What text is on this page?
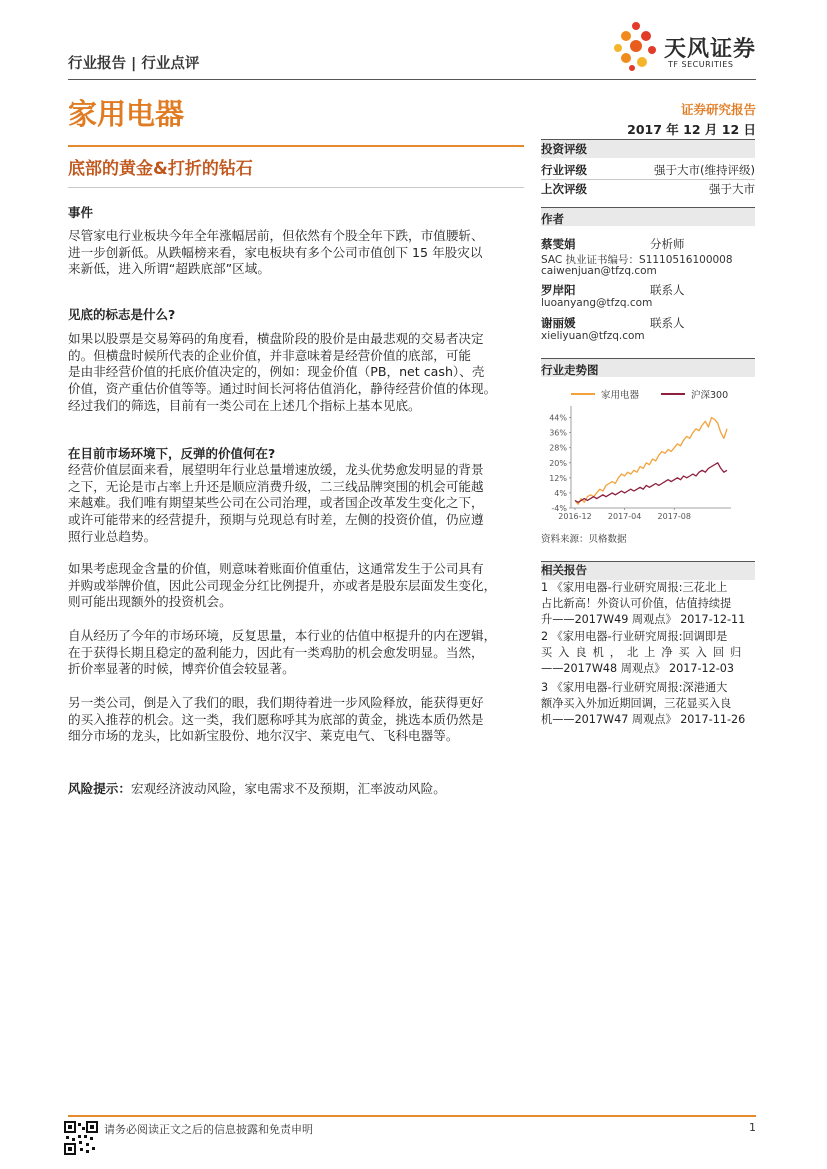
行业报告 | 行业点评
天风证券
TF SECURITIES
家用电器	证券研究报告
2017 年 12 月 12 日
底部的黄金&打折的钻石
投资评级
行业评级	强于大市(维持评级)
上次评级	强于大市
作者
蔡雯娟	分析师
SAC 执业证书编号：S1110516100008
caiwenjuan@tfzq.com
罗岸阳	联系人
luoanyang@tfzq.com
谢丽媛	联系人
xieliyuan@tfzq.com
行业走势图
家用电器	沪深300
-4%
4%
12%
20%
28%
36%
44%
2016-12 2017-04 2017-08
资料来源：贝格数据
相关报告
1 《家用电器-行业研究周报:三花北上
占比新高！外资认可价值，估值持续提
升——2017W49 周观点》 2017-12-11
2 《家用电器-行业研究周报:回调即是
买入良机，北上净买入回归
——2017W48 周观点》 2017-12-03
3 《家用电器-行业研究周报:深港通大
额净买入外加近期回调，三花显买入良
机——2017W47 周观点》 2017-11-26
事件

尽管家电行业板块今年全年涨幅居前，但依然有个股全年下跌，市值腰斩、
进一步创新低。从跌幅榜来看，家电板块有多个公司市值创下 15 年股灾以
来新低，进入所谓“超跌底部”区域。

见底的标志是什么?

如果以股票是交易筹码的角度看，横盘阶段的股价是由最悲观的交易者决定
的。但横盘时候所代表的企业价值，并非意味着是经营价值的底部，可能
是由非经营价值的托底价值决定的，例如：现金价值（PB，net cash）、壳
价值，资产重估价值等等。通过时间长河将估值消化，静待经营价值的体现。
经过我们的筛选，目前有一类公司在上述几个指标上基本见底。

在目前市场环境下，反弹的价值何在?

经营价值层面来看，展望明年行业总量增速放缓，龙头优势愈发明显的背景
之下，无论是市占率上升还是顺应消费升级，二三线品牌突围的机会可能越
来越难。我们唯有期望某些公司在公司治理，或者国企改革发生变化之下，
或许可能带来的经营提升，预期与兑现总有时差，左侧的投资价值，仍应遵
照行业总趋势。

如果考虑现金含量的价值，则意味着账面价值重估，这通常发生于公司具有
并购或举牌价值，因此公司现金分红比例提升，亦或者是股东层面发生变化，
则可能出现额外的投资机会。

自从经历了今年的市场环境，反复思量，本行业的估值中枢提升的内在逻辑，
在于获得长期且稳定的盈利能力，因此有一类鸡肋的机会愈发明显。当然，
折价率显著的时候，博弈价值会较显著。

另一类公司，倒是入了我们的眼，我们期待着进一步风险释放，能获得更好
的买入推荐的机会。这一类，我们愿称呼其为底部的黄金，挑选本质仍然是
细分市场的龙头，比如新宝股份、地尔汉宇、莱克电气、飞科电器等。

风险提示：宏观经济波动风险，家电需求不及预期，汇率波动风险。
请务必阅读正文之后的信息披露和免责申明	1
